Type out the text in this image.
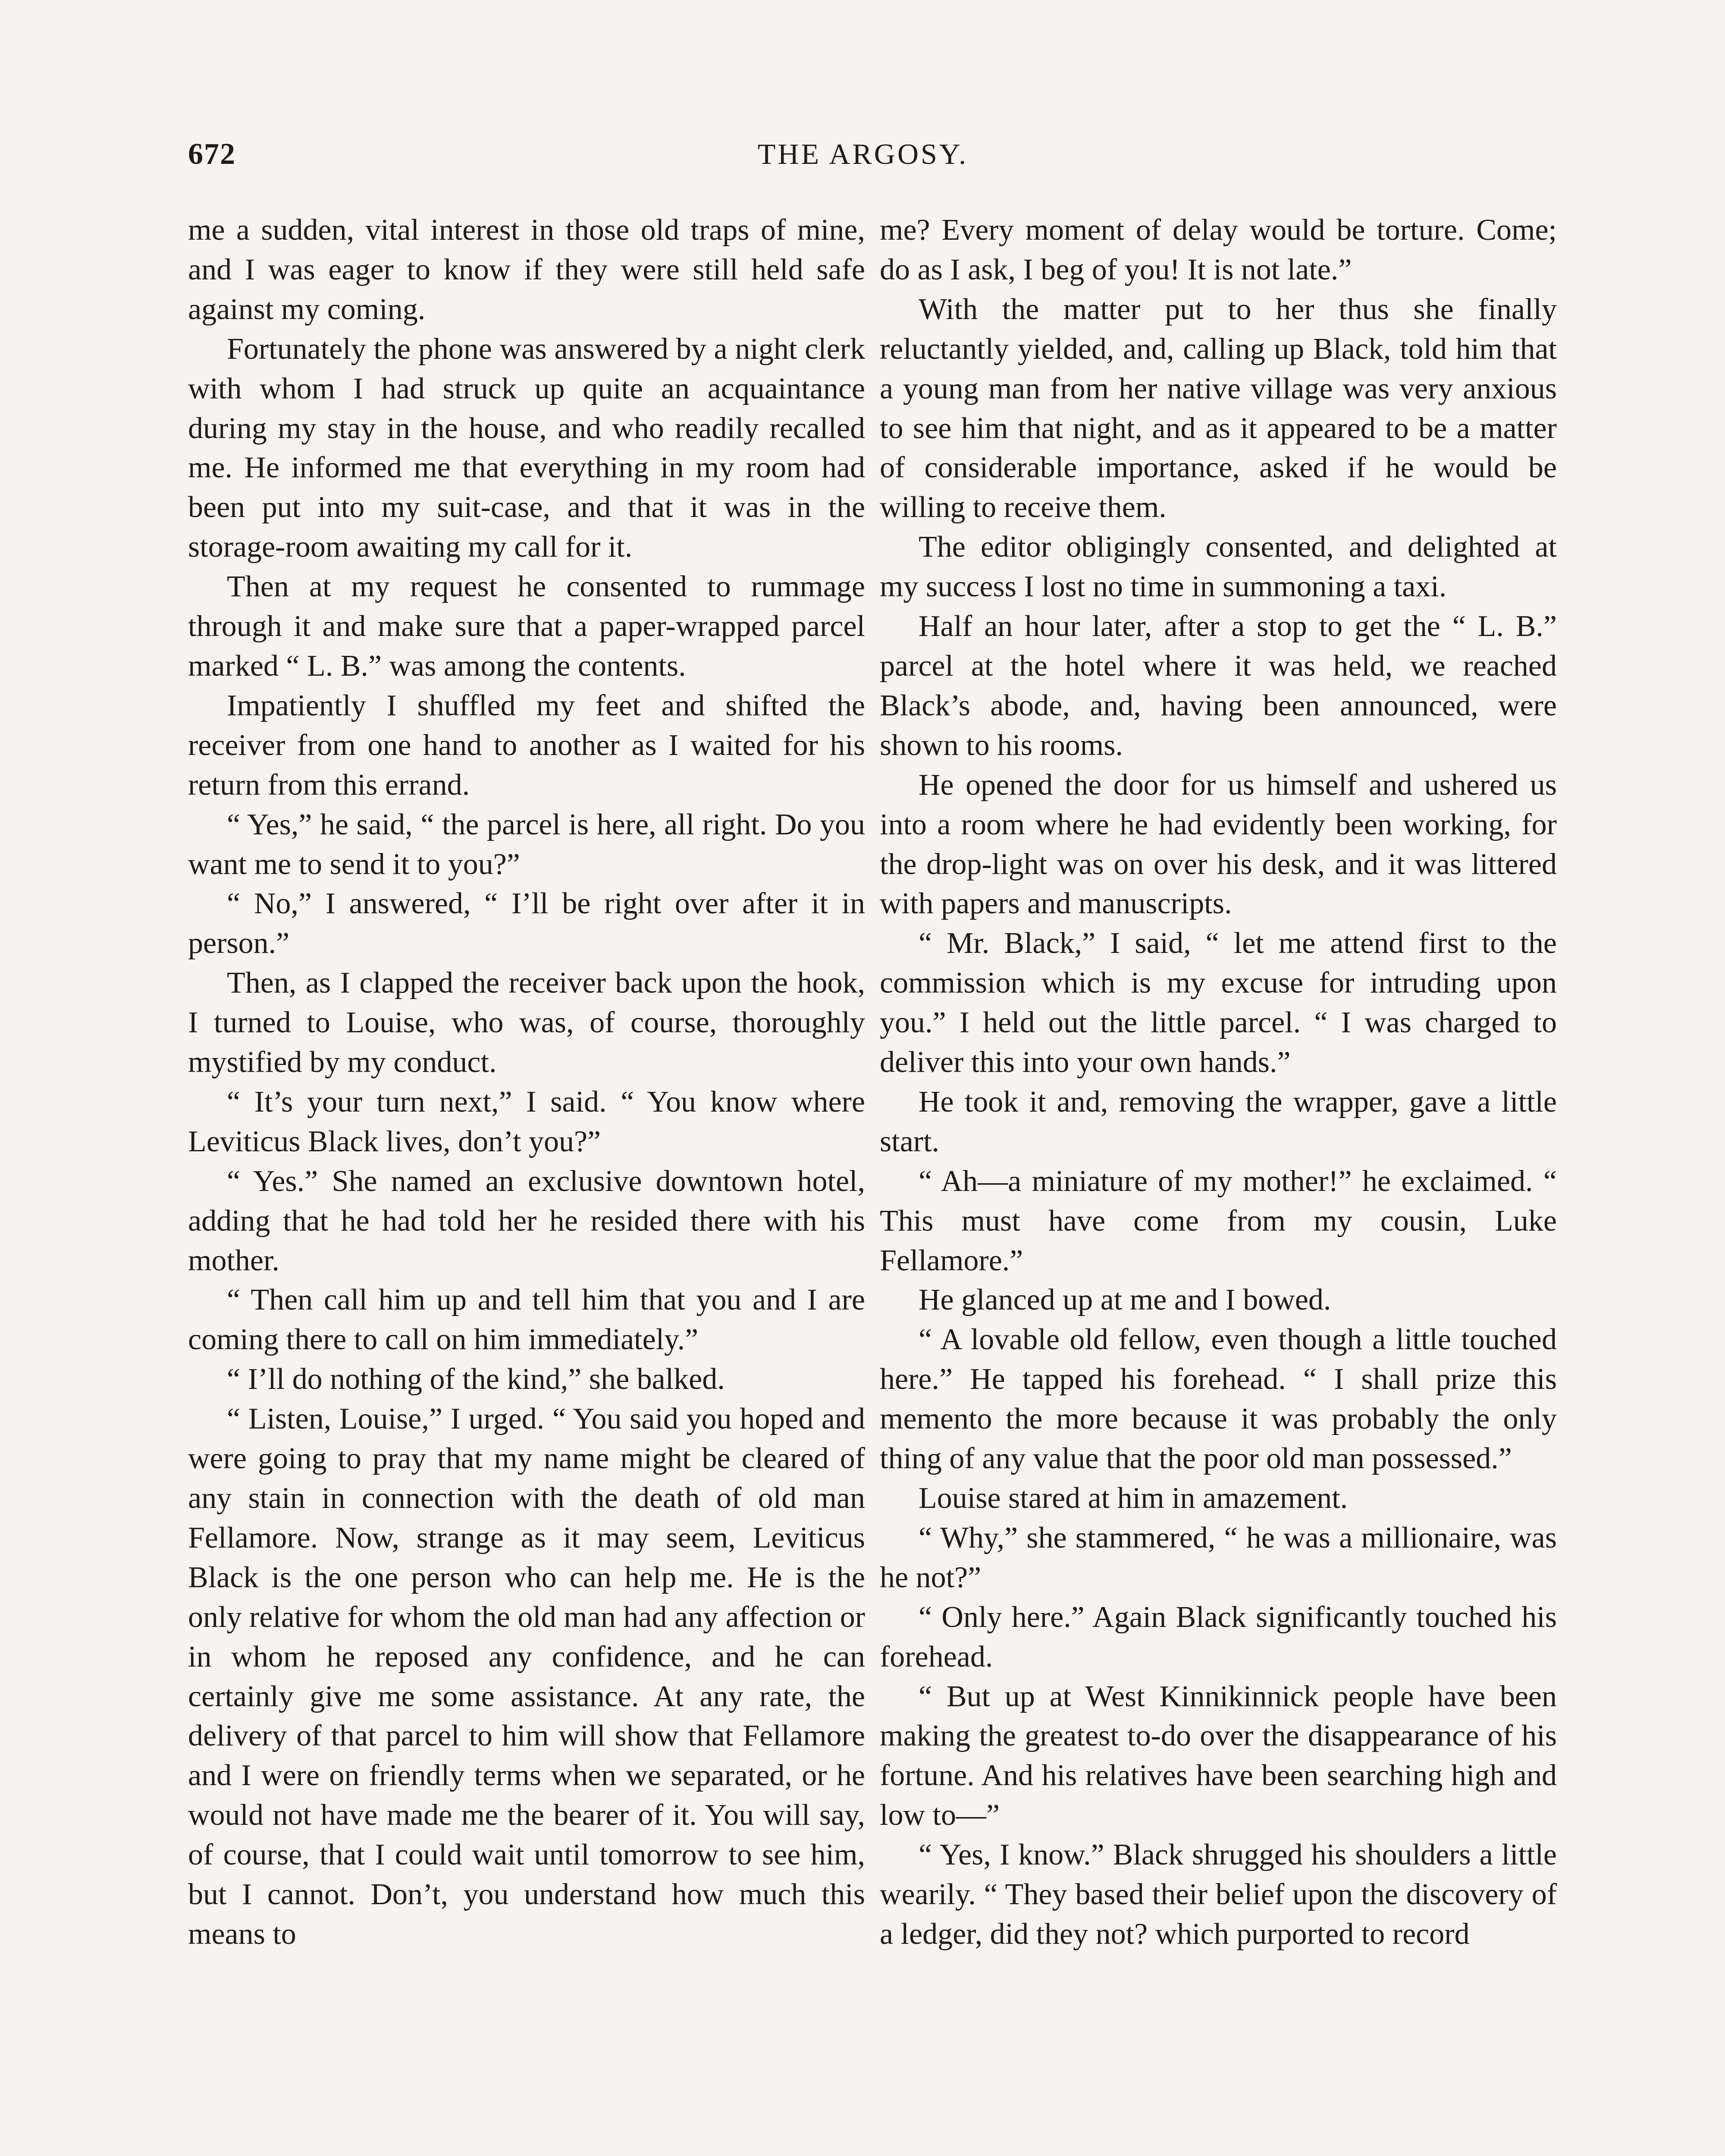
672	THE ARGOSY.

me a sudden, vital interest in those old traps of mine, and I was eager to know if they were still held safe against my coming.

Fortunately the phone was answered by a night clerk with whom I had struck up quite an acquaintance during my stay in the house, and who readily recalled me. He informed me that everything in my room had been put into my suit-case, and that it was in the storage-room awaiting my call for it.

Then at my request he consented to rummage through it and make sure that a paper-wrapped parcel marked “ L. B.” was among the contents.

Impatiently I shuffled my feet and shifted the receiver from one hand to another as I waited for his return from this errand.

“ Yes,” he said, “ the parcel is here, all right. Do you want me to send it to you?”

“ No,” I answered, “ I’ll be right over after it in person.”

Then, as I clapped the receiver back upon the hook, I turned to Louise, who was, of course, thoroughly mystified by my conduct.

“ It’s your turn next,” I said. “ You know where Leviticus Black lives, don’t you?”

“ Yes.” She named an exclusive downtown hotel, adding that he had told her he resided there with his mother.

“ Then call him up and tell him that you and I are coming there to call on him immediately.”

“ I’ll do nothing of the kind,” she balked.

“ Listen, Louise,” I urged. “ You said you hoped and were going to pray that my name might be cleared of any stain in connection with the death of old man Fellamore. Now, strange as it may seem, Leviticus Black is the one person who can help me. He is the only relative for whom the old man had any affection or in whom he reposed any confidence, and he can certainly give me some assistance. At any rate, the delivery of that parcel to him will show that Fellamore and I were on friendly terms when we separated, or he would not have made me the bearer of it. You will say, of course, that I could wait until tomorrow to see him, but I cannot. Don’t, you understand how much this means to

me? Every moment of delay would be torture. Come; do as I ask, I beg of you! It is not late.”

With the matter put to her thus she finally reluctantly yielded, and, calling up Black, told him that a young man from her native village was very anxious to see him that night, and as it appeared to be a matter of considerable importance, asked if he would be willing to receive them.

The editor obligingly consented, and delighted at my success I lost no time in summoning a taxi.

Half an hour later, after a stop to get the “ L. B.” parcel at the hotel where it was held, we reached Black’s abode, and, having been announced, were shown to his rooms.

He opened the door for us himself and ushered us into a room where he had evidently been working, for the drop-light was on over his desk, and it was littered with papers and manuscripts.

“ Mr. Black,” I said, “ let me attend first to the commission which is my excuse for intruding upon you.” I held out the little parcel. “ I was charged to deliver this into your own hands.”

He took it and, removing the wrapper, gave a little start.

“ Ah—a miniature of my mother!” he exclaimed. “ This must have come from my cousin, Luke Fellamore.”

He glanced up at me and I bowed.

“ A lovable old fellow, even though a little touched here.” He tapped his forehead. “ I shall prize this memento the more because it was probably the only thing of any value that the poor old man possessed.”

Louise stared at him in amazement.

“ Why,” she stammered, “ he was a millionaire, was he not?”

“ Only here.” Again Black significantly touched his forehead.

“ But up at West Kinnikinnick people have been making the greatest to-do over the disappearance of his fortune. And his relatives have been searching high and low to—”

“ Yes, I know.” Black shrugged his shoulders a little wearily. “ They based their belief upon the discovery of a ledger, did they not? which purported to record
